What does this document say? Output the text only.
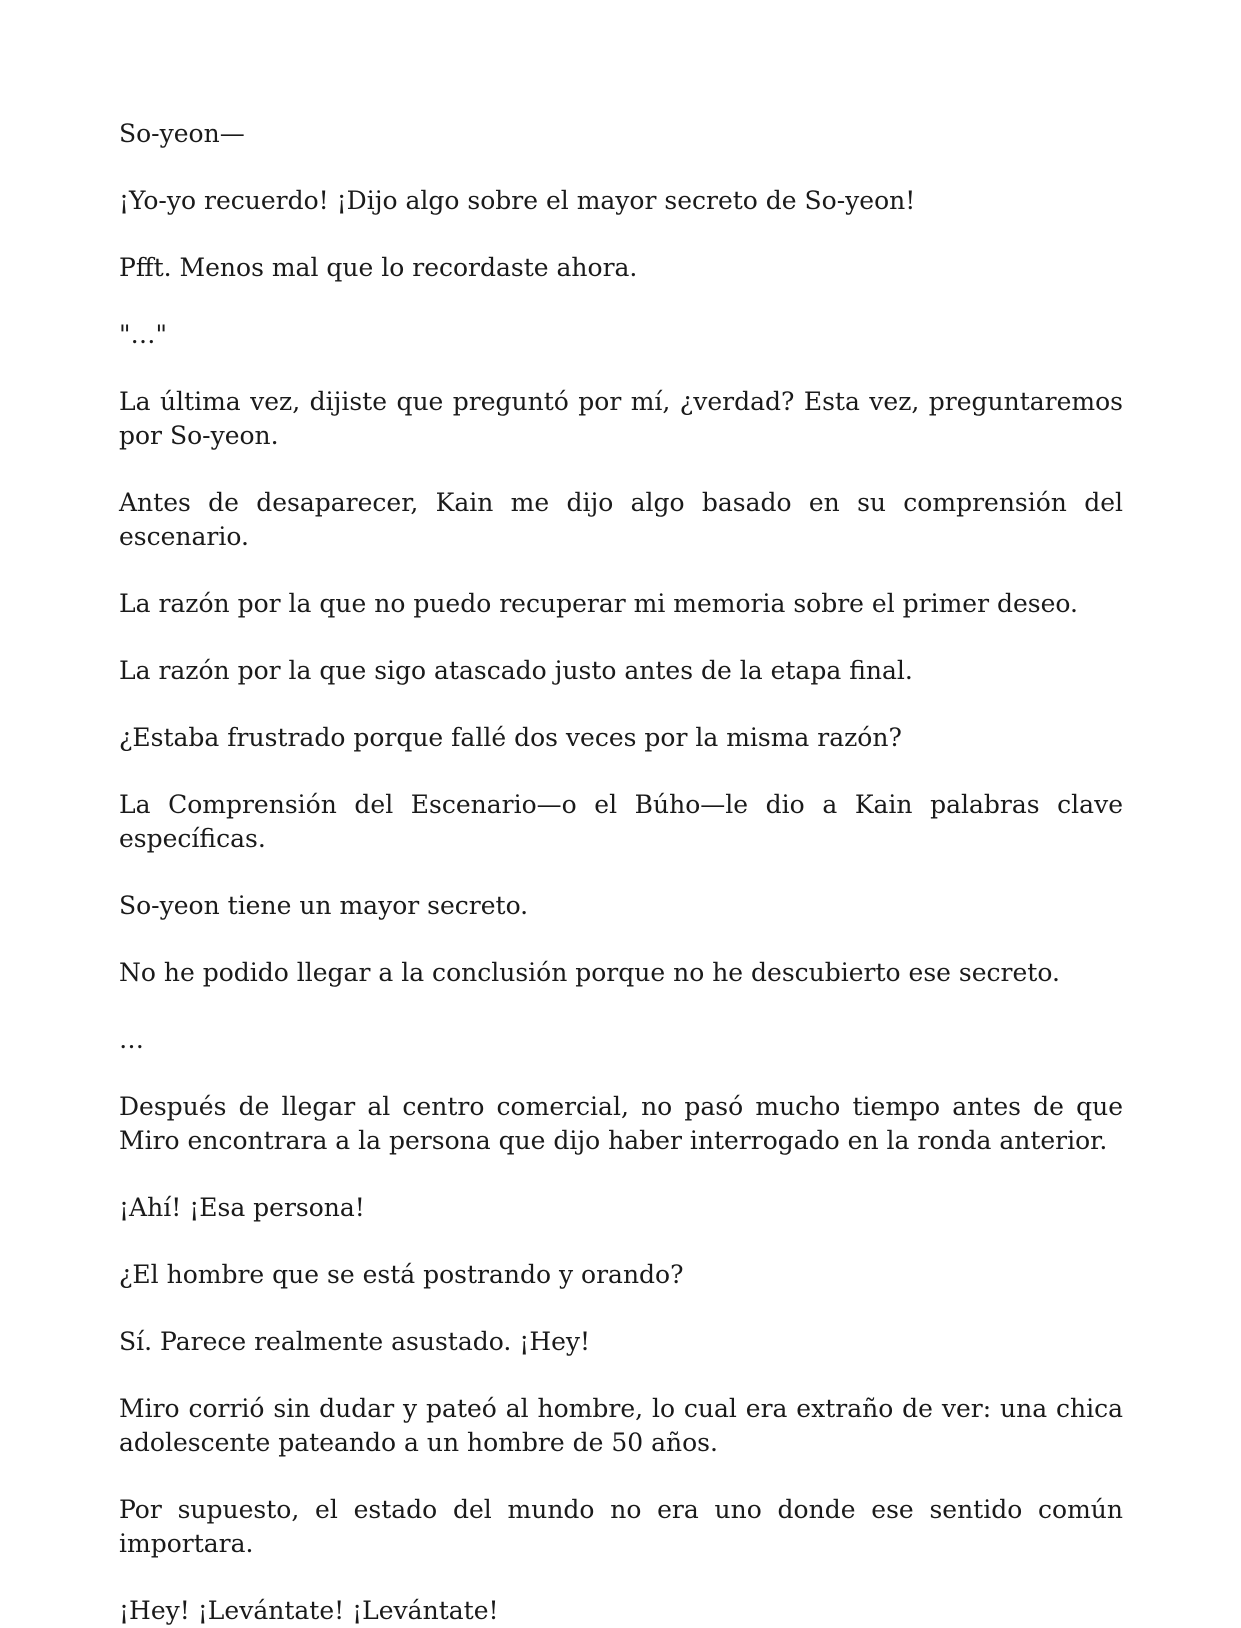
So-yeon—

¡Yo-yo recuerdo! ¡Dijo algo sobre el mayor secreto de So-yeon!

Pfft. Menos mal que lo recordaste ahora.

"…"

La última vez, dijiste que preguntó por mí, ¿verdad? Esta vez, preguntaremos por So-yeon.

Antes de desaparecer, Kain me dijo algo basado en su comprensión del escenario.

La razón por la que no puedo recuperar mi memoria sobre el primer deseo.

La razón por la que sigo atascado justo antes de la etapa final.

¿Estaba frustrado porque fallé dos veces por la misma razón?

La Comprensión del Escenario—o el Búho—le dio a Kain palabras clave específicas.

So-yeon tiene un mayor secreto.

No he podido llegar a la conclusión porque no he descubierto ese secreto.

…

Después de llegar al centro comercial, no pasó mucho tiempo antes de que Miro encontrara a la persona que dijo haber interrogado en la ronda anterior.

¡Ahí! ¡Esa persona!

¿El hombre que se está postrando y orando?

Sí. Parece realmente asustado. ¡Hey!

Miro corrió sin dudar y pateó al hombre, lo cual era extraño de ver: una chica adolescente pateando a un hombre de 50 años.

Por supuesto, el estado del mundo no era uno donde ese sentido común importara.

¡Hey! ¡Levántate! ¡Levántate!
